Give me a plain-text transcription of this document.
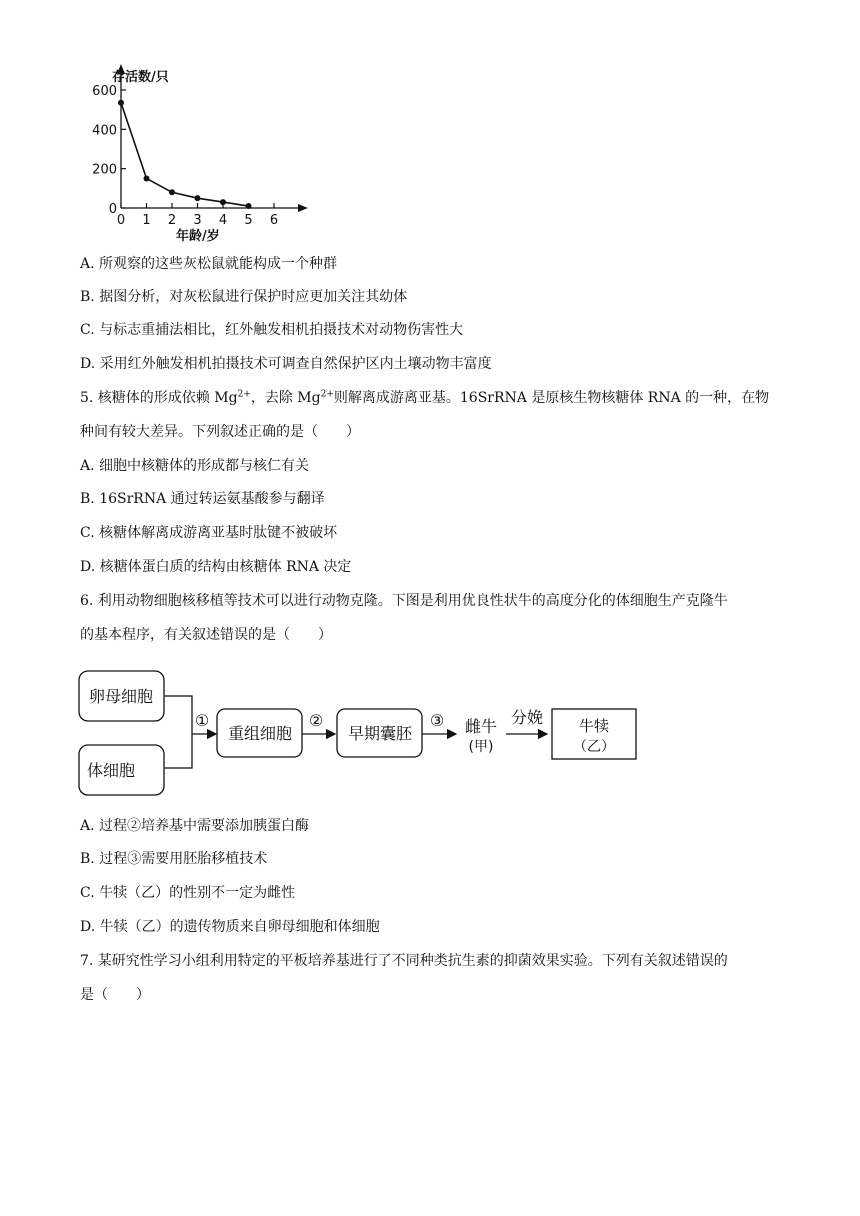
存活数/只
年龄/岁
0
200
400
600
0 1 2 3 4 5 6
A. 所观察的这些灰松鼠就能构成一个种群
B. 据图分析，对灰松鼠进行保护时应更加关注其幼体
C. 与标志重捕法相比，红外触发相机拍摄技术对动物伤害性大
D. 采用红外触发相机拍摄技术可调查自然保护区内土壤动物丰富度
5. 核糖体的形成依赖 $Mg^{2+}$，去除 $Mg^{2+}$则解离成游离亚基。16SrRNA 是原核生物核糖体 RNA 的一种，在物
种间有较大差异。下列叙述正确的是（　　）
A. 细胞中核糖体的形成都与核仁有关
B. 16SrRNA 通过转运氨基酸参与翻译
C. 核糖体解离成游离亚基时肽键不被破坏
D. 核糖体蛋白质的结构由核糖体 RNA 决定
6. 利用动物细胞核移植等技术可以进行动物克隆。下图是利用优良性状牛的高度分化的体细胞生产克隆牛
的基本程序，有关叙述错误的是（　　）
卵母细胞
体细胞
①
重组细胞
②
早期囊胚
③ 雌牛
(甲)
分娩 牛犊
（乙）
A. 过程②培养基中需要添加胰蛋白酶
B. 过程③需要用胚胎移植技术
C. 牛犊（乙）的性别不一定为雌性
D. 牛犊（乙）的遗传物质来自卵母细胞和体细胞
7. 某研究性学习小组利用特定的平板培养基进行了不同种类抗生素的抑菌效果实验。下列有关叙述错误的
是（　　）
